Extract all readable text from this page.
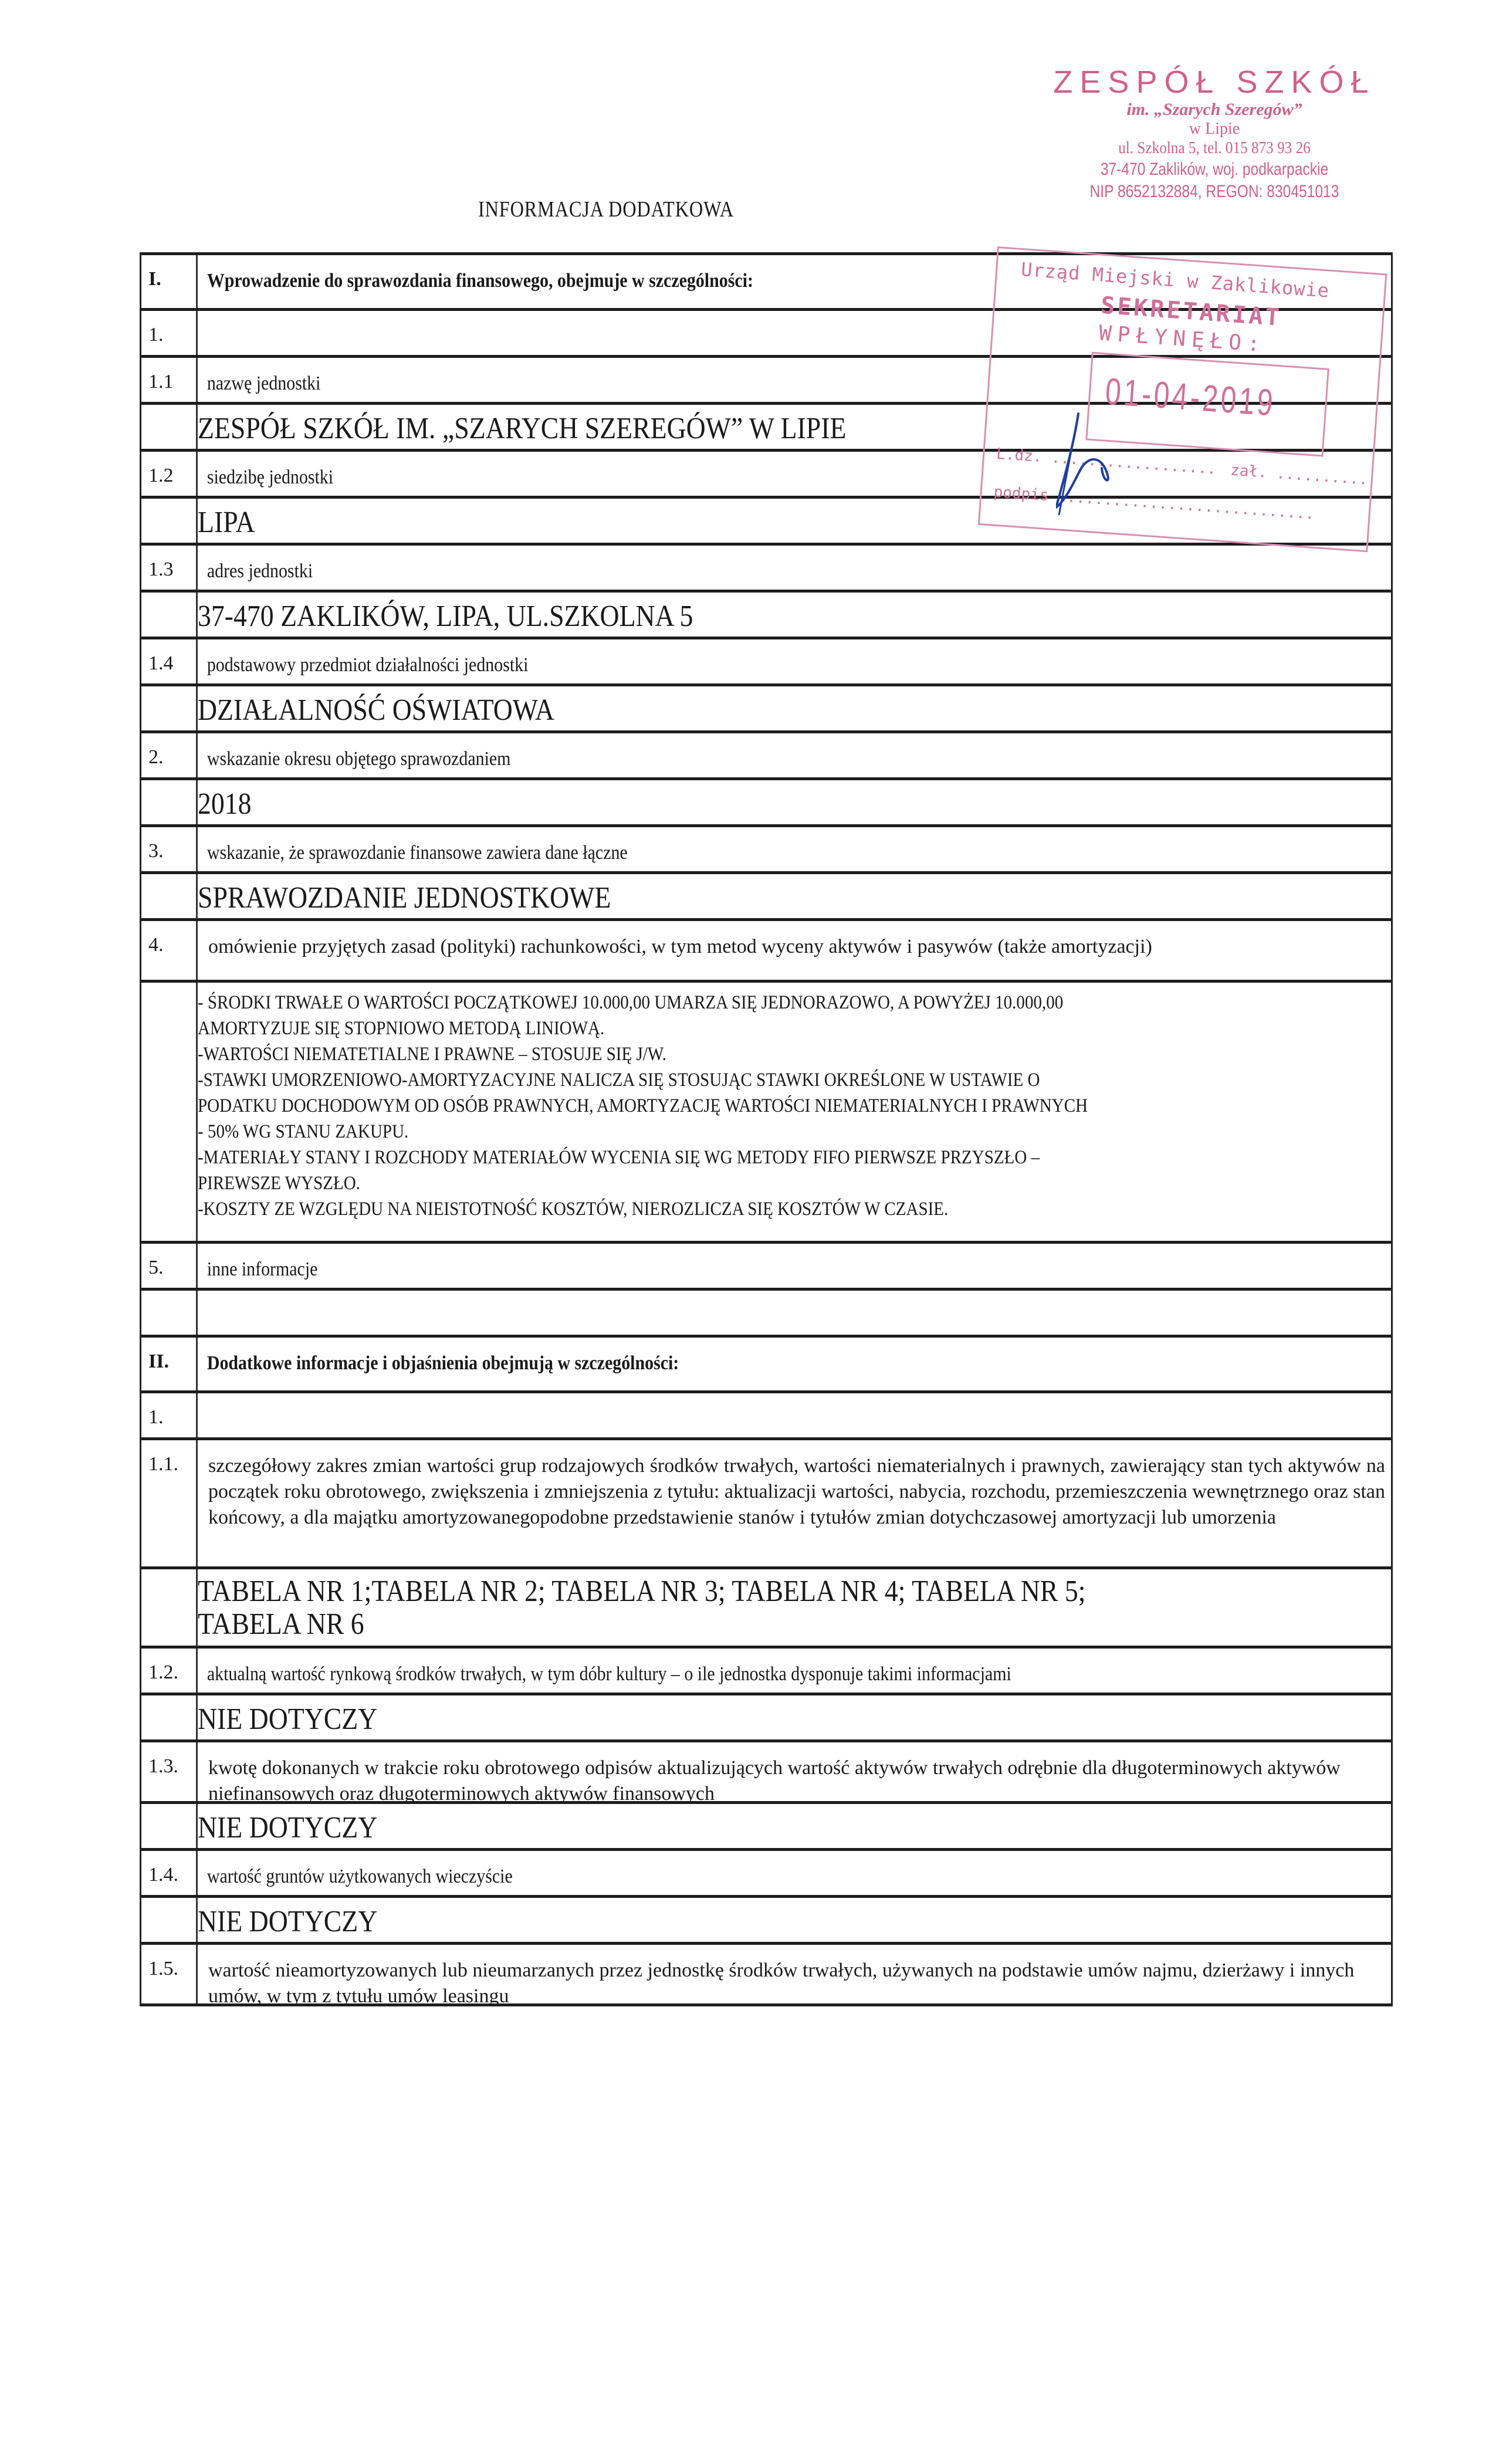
ZESPÓŁ SZKÓŁ
im. „Szarych Szeregów”
w Lipie
ul. Szkolna 5, tel. 015 873 93 26
37-470 Zaklików, woj. podkarpackie
NIP 8652132884, REGON: 830451013
INFORMACJA DODATKOWA
I.	Wprowadzenie do sprawozdania finansowego, obejmuje w szczególności:
1.
1.1	nazwę jednostki
ZESPÓŁ SZKÓŁ IM. „SZARYCH SZEREGÓW” W LIPIE
1.2	siedzibę jednostki
LIPA
1.3	adres jednostki
37-470 ZAKLIKÓW, LIPA, UL.SZKOLNA 5
1.4	podstawowy przedmiot działalności jednostki
DZIAŁALNOŚĆ OŚWIATOWA
2.	wskazanie okresu objętego sprawozdaniem
2018
3.	wskazanie, że sprawozdanie finansowe zawiera dane łączne
SPRAWOZDANIE JEDNOSTKOWE
4.	omówienie przyjętych zasad (polityki) rachunkowości, w tym metod wyceny aktywów i pasywów (także amortyzacji)
- ŚRODKI TRWAŁE O WARTOŚCI POCZĄTKOWEJ 10.000,00 UMARZA SIĘ JEDNORAZOWO, A POWYŻEJ 10.000,00
AMORTYZUJE SIĘ STOPNIOWO METODĄ LINIOWĄ.
-WARTOŚCI NIEMATETIALNE I PRAWNE – STOSUJE SIĘ J/W.
-STAWKI UMORZENIOWO-AMORTYZACYJNE NALICZA SIĘ STOSUJĄC STAWKI OKREŚLONE W USTAWIE O
PODATKU DOCHODOWYM OD OSÓB PRAWNYCH, AMORTYZACJĘ WARTOŚCI NIEMATERIALNYCH I PRAWNYCH
- 50% WG STANU ZAKUPU.
-MATERIAŁY STANY I ROZCHODY MATERIAŁÓW WYCENIA SIĘ WG METODY FIFO PIERWSZE PRZYSZŁO –
PIREWSZE WYSZŁO.
-KOSZTY ZE WZGLĘDU NA NIEISTOTNOŚĆ KOSZTÓW, NIEROZLICZA SIĘ KOSZTÓW W CZASIE.
5.	inne informacje
II.	Dodatkowe informacje i objaśnienia obejmują w szczególności:
1.
1.1.	szczegółowy zakres zmian wartości grup rodzajowych środków trwałych, wartości niematerialnych i prawnych, zawierający stan tych aktywów na początek roku obrotowego, zwiększenia i zmniejszenia z tytułu: aktualizacji wartości, nabycia, rozchodu, przemieszczenia wewnętrznego oraz stan końcowy, a dla majątku amortyzowanegopodobne przedstawienie stanów i tytułów zmian dotychczasowej amortyzacji lub umorzenia
TABELA NR 1;TABELA NR 2; TABELA NR 3; TABELA NR 4; TABELA NR 5;
TABELA NR 6
1.2.	aktualną wartość rynkową środków trwałych, w tym dóbr kultury – o ile jednostka dysponuje takimi informacjami
NIE DOTYCZY
1.3.	kwotę dokonanych w trakcie roku obrotowego odpisów aktualizujących wartość aktywów trwałych odrębnie dla długoterminowych aktywów niefinansowych oraz długoterminowych aktywów finansowych
NIE DOTYCZY
1.4.	wartość gruntów użytkowanych wieczyście
NIE DOTYCZY
1.5.	wartość nieamortyzowanych lub nieumarzanych przez jednostkę środków trwałych, używanych na podstawie umów najmu, dzierżawy i innych umów, w tym z tytułu umów leasingu
Urząd Miejski w Zaklikowie
SEKRETARIAT
WPŁYNĘŁO:
01-04-2019
L.dz. .................. zał. ..........
podpis ............................
